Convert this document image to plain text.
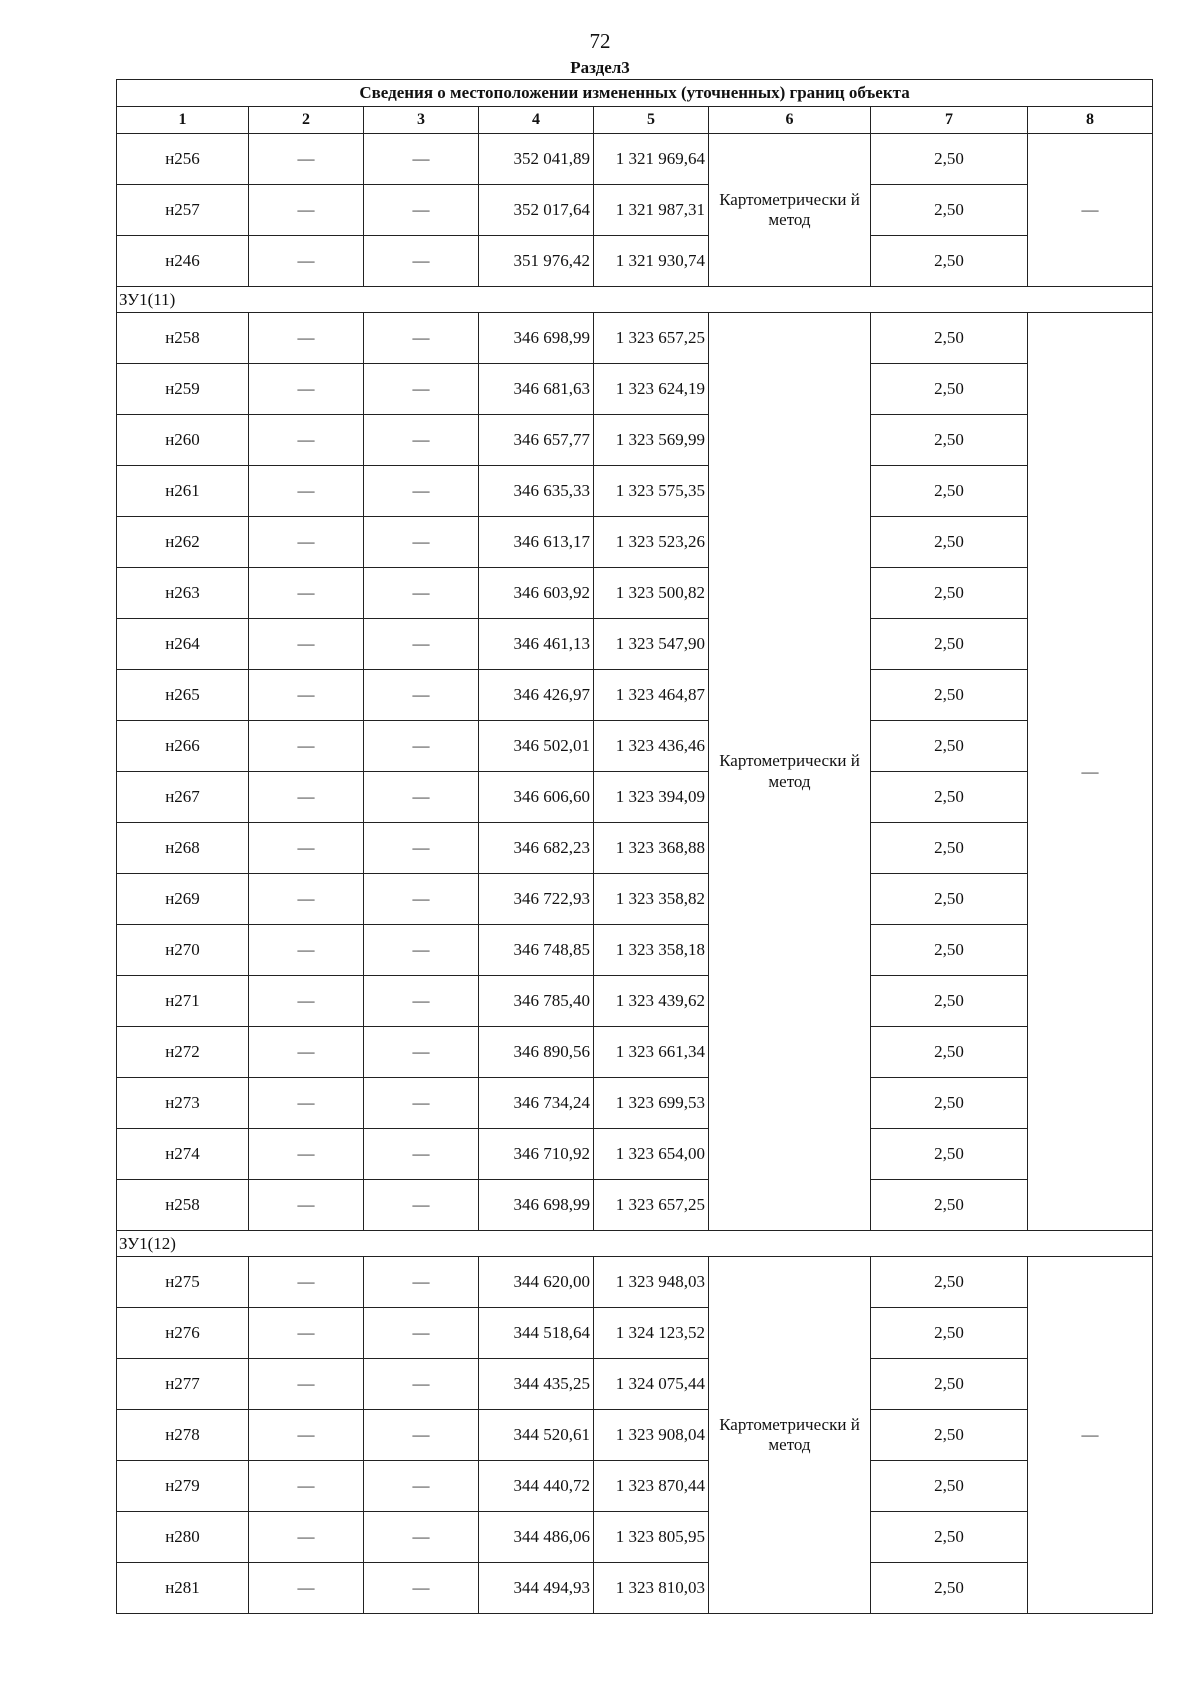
72
Раздел3
Сведения о местоположении измененных (уточненных) границ объекта							
1	2	3	4	5	6	7	8
н256	—	—	352 041,89	1 321 969,64	Картометрически й метод	2,50	—
н257	—	—	352 017,64	1 321 987,31		2,50	
н246	—	—	351 976,42	1 321 930,74		2,50	
ЗУ1(11)							
н258	—	—	346 698,99	1 323 657,25	Картометрически й метод	2,50	—
н259	—	—	346 681,63	1 323 624,19		2,50	
н260	—	—	346 657,77	1 323 569,99		2,50	
н261	—	—	346 635,33	1 323 575,35		2,50	
н262	—	—	346 613,17	1 323 523,26		2,50	
н263	—	—	346 603,92	1 323 500,82		2,50	
н264	—	—	346 461,13	1 323 547,90		2,50	
н265	—	—	346 426,97	1 323 464,87		2,50	
н266	—	—	346 502,01	1 323 436,46		2,50	
н267	—	—	346 606,60	1 323 394,09		2,50	
н268	—	—	346 682,23	1 323 368,88		2,50	
н269	—	—	346 722,93	1 323 358,82		2,50	
н270	—	—	346 748,85	1 323 358,18		2,50	
н271	—	—	346 785,40	1 323 439,62		2,50	
н272	—	—	346 890,56	1 323 661,34		2,50	
н273	—	—	346 734,24	1 323 699,53		2,50	
н274	—	—	346 710,92	1 323 654,00		2,50	
н258	—	—	346 698,99	1 323 657,25		2,50	
ЗУ1(12)							
н275	—	—	344 620,00	1 323 948,03	Картометрически й метод	2,50	—
н276	—	—	344 518,64	1 324 123,52		2,50	
н277	—	—	344 435,25	1 324 075,44		2,50	
н278	—	—	344 520,61	1 323 908,04		2,50	
н279	—	—	344 440,72	1 323 870,44		2,50	
н280	—	—	344 486,06	1 323 805,95		2,50	
н281	—	—	344 494,93	1 323 810,03		2,50	
